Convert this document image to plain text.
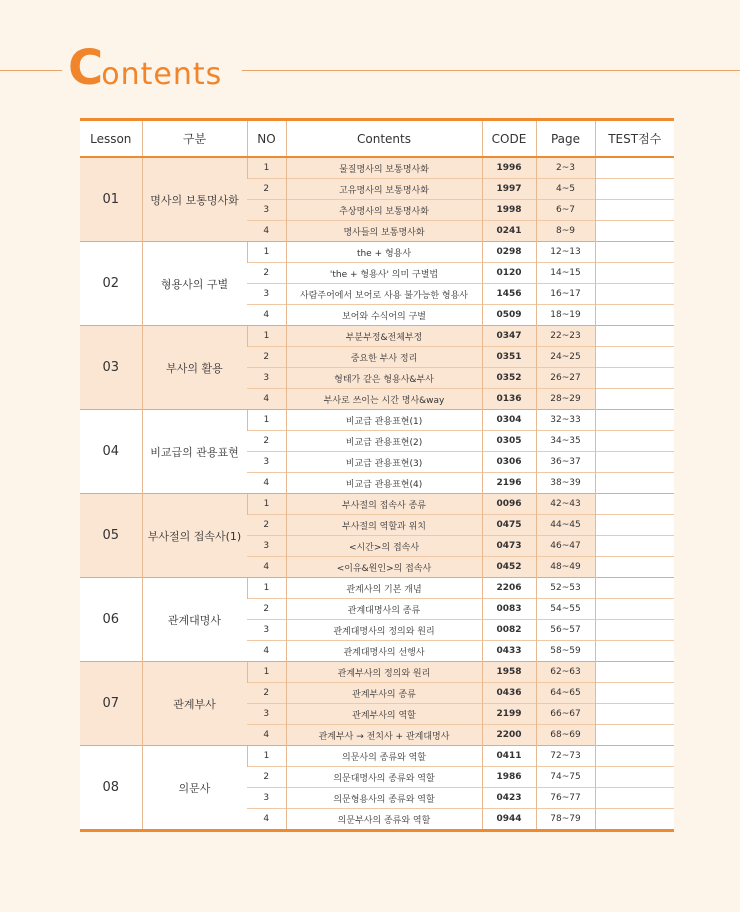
Contents
Lesson	구분	NO	Contents	CODE	Page	TEST점수
01	명사의 보통명사화	1	물질명사의 보통명사화	1996	2~3	
		2	고유명사의 보통명사화	1997	4~5	
		3	추상명사의 보통명사화	1998	6~7	
		4	명사들의 보통명사화	0241	8~9	
02	형용사의 구별	1	the + 형용사	0298	12~13	
		2	'the + 형용사' 의미 구별법	0120	14~15	
		3	사람주어에서 보어로 사용 불가능한 형용사	1456	16~17	
		4	보어와 수식어의 구별	0509	18~19	
03	부사의 활용	1	부분부정&전체부정	0347	22~23	
		2	중요한 부사 정리	0351	24~25	
		3	형태가 같은 형용사&부사	0352	26~27	
		4	부사로 쓰이는 시간 명사&way	0136	28~29	
04	비교급의 관용표현	1	비교급 관용표현(1)	0304	32~33	
		2	비교급 관용표현(2)	0305	34~35	
		3	비교급 관용표현(3)	0306	36~37	
		4	비교급 관용표현(4)	2196	38~39	
05	부사절의 접속사(1)	1	부사절의 접속사 종류	0096	42~43	
		2	부사절의 역할과 위치	0475	44~45	
		3	<시간>의 접속사	0473	46~47	
		4	<이유&원인>의 접속사	0452	48~49	
06	관계대명사	1	관계사의 기본 개념	2206	52~53	
		2	관계대명사의 종류	0083	54~55	
		3	관계대명사의 정의와 원리	0082	56~57	
		4	관계대명사의 선행사	0433	58~59	
07	관계부사	1	관계부사의 정의와 원리	1958	62~63	
		2	관계부사의 종류	0436	64~65	
		3	관계부사의 역할	2199	66~67	
		4	관계부사 → 전치사 + 관계대명사	2200	68~69	
08	의문사	1	의문사의 종류와 역할	0411	72~73	
		2	의문대명사의 종류와 역할	1986	74~75	
		3	의문형용사의 종류와 역할	0423	76~77	
		4	의문부사의 종류와 역할	0944	78~79	
